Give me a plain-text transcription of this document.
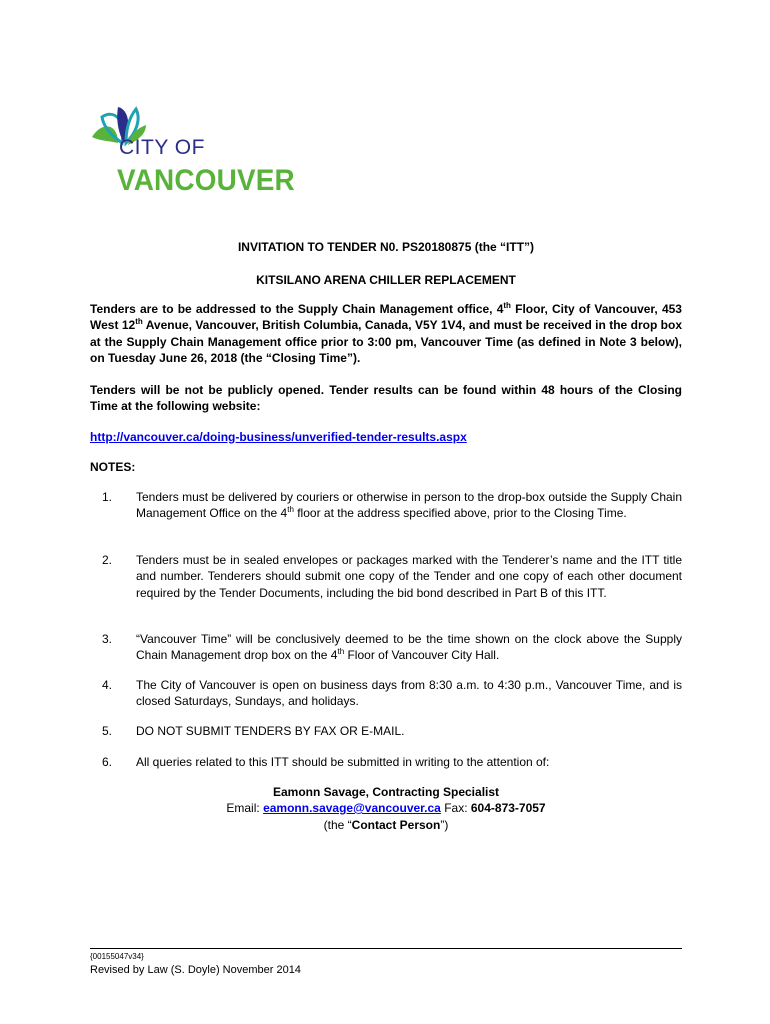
CITY OF
VANCOUVER
INVITATION TO TENDER N0. PS20180875 (the “ITT”)
KITSILANO ARENA CHILLER REPLACEMENT
Tenders are to be addressed to the Supply Chain Management office, 4th Floor, City of Vancouver, 453 West 12th Avenue, Vancouver, British Columbia, Canada, V5Y 1V4, and must be received in the drop box at the Supply Chain Management office prior to 3:00 pm, Vancouver Time (as defined in Note 3 below), on Tuesday June 26, 2018 (the “Closing Time”).
Tenders will be not be publicly opened. Tender results can be found within 48 hours of the Closing Time at the following website:
http://vancouver.ca/doing-business/unverified-tender-results.aspx
NOTES:
1. Tenders must be delivered by couriers or otherwise in person to the drop-box outside the Supply Chain Management Office on the 4th floor at the address specified above, prior to the Closing Time.
2. Tenders must be in sealed envelopes or packages marked with the Tenderer’s name and the ITT title and number. Tenderers should submit one copy of the Tender and one copy of each other document required by the Tender Documents, including the bid bond described in Part B of this ITT.
3. “Vancouver Time” will be conclusively deemed to be the time shown on the clock above the Supply Chain Management drop box on the 4th Floor of Vancouver City Hall.
4. The City of Vancouver is open on business days from 8:30 a.m. to 4:30 p.m., Vancouver Time, and is closed Saturdays, Sundays, and holidays.
5. DO NOT SUBMIT TENDERS BY FAX OR E-MAIL.
6. All queries related to this ITT should be submitted in writing to the attention of:
Eamonn Savage, Contracting Specialist
Email: eamonn.savage@vancouver.ca Fax: 604-873-7057
(the “Contact Person”)
{00155047v34}
Revised by Law (S. Doyle) November 2014
